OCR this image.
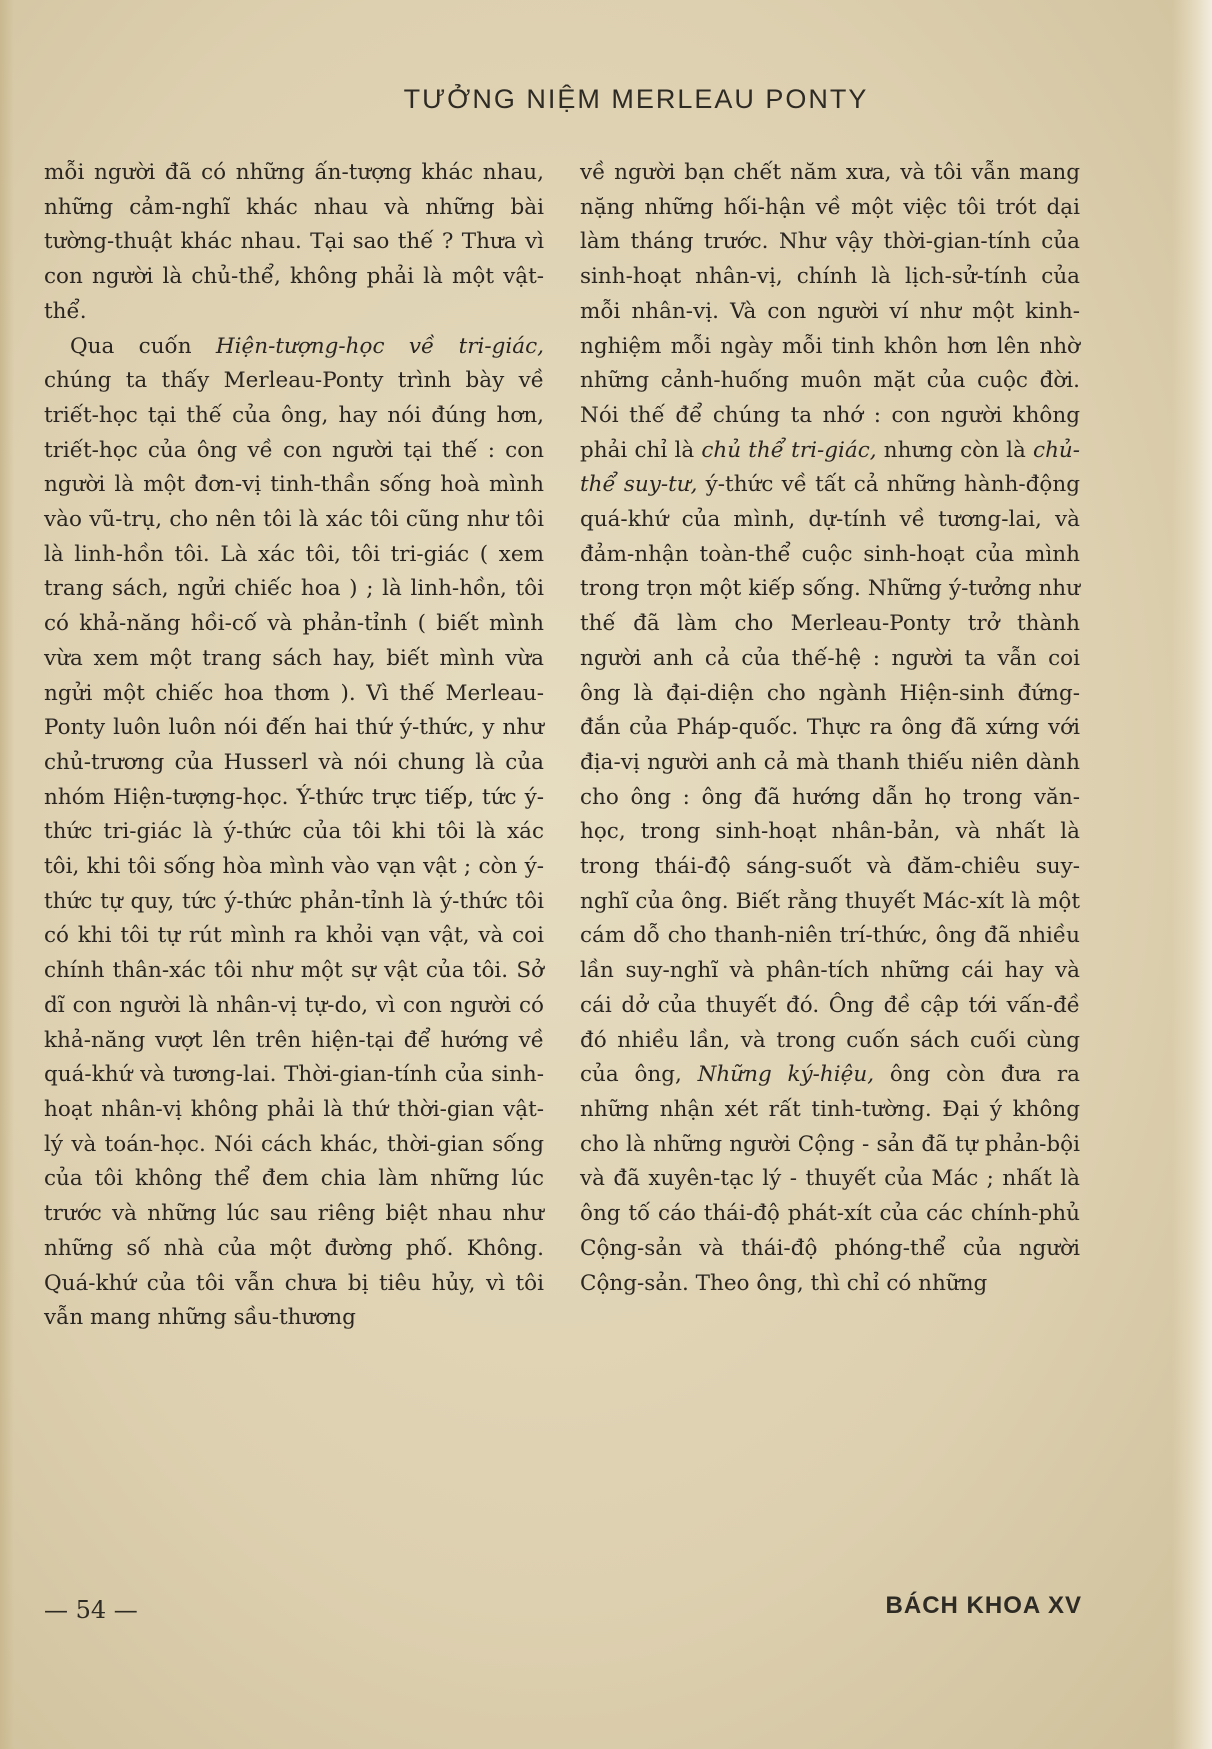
TƯỞNG NIỆM MERLEAU PONTY

mỗi người đã có những ấn-tượng khác nhau, những cảm-nghĩ khác nhau và những bài tường-thuật khác nhau. Tại sao thế ? Thưa vì con người là chủ-thể, không phải là một vật-thể.

Qua cuốn Hiện-tượng-học về tri-giác, chúng ta thấy Merleau-Ponty trình bày về triết-học tại thế của ông, hay nói đúng hơn, triết-học của ông về con người tại thế : con người là một đơn-vị tinh-thần sống hoà mình vào vũ-trụ, cho nên tôi là xác tôi cũng như tôi là linh-hồn tôi. Là xác tôi, tôi tri-giác ( xem trang sách, ngửi chiếc hoa ) ; là linh-hồn, tôi có khả-năng hồi-cố và phản-tỉnh ( biết mình vừa xem một trang sách hay, biết mình vừa ngửi một chiếc hoa thơm ). Vì thế Merleau-Ponty luôn luôn nói đến hai thứ ý-thức, y như chủ-trương của Husserl và nói chung là của nhóm Hiện-tượng-học. Ý-thức trực tiếp, tức ý-thức tri-giác là ý-thức của tôi khi tôi là xác tôi, khi tôi sống hòa mình vào vạn vật ; còn ý-thức tự quy, tức ý-thức phản-tỉnh là ý-thức tôi có khi tôi tự rút mình ra khỏi vạn vật, và coi chính thân-xác tôi như một sự vật của tôi. Sở dĩ con người là nhân-vị tự-do, vì con người có khả-năng vượt lên trên hiện-tại để hướng về quá-khứ và tương-lai. Thời-gian-tính của sinh-hoạt nhân-vị không phải là thứ thời-gian vật-lý và toán-học. Nói cách khác, thời-gian sống của tôi không thể đem chia làm những lúc trước và những lúc sau riêng biệt nhau như những số nhà của một đường phố. Không. Quá-khứ của tôi vẫn chưa bị tiêu hủy, vì tôi vẫn mang những sầu-thương

về người bạn chết năm xưa, và tôi vẫn mang nặng những hối-hận về một việc tôi trót dại làm tháng trước. Như vậy thời-gian-tính của sinh-hoạt nhân-vị, chính là lịch-sử-tính của mỗi nhân-vị. Và con người ví như một kinh-nghiệm mỗi ngày mỗi tinh khôn hơn lên nhờ những cảnh-huống muôn mặt của cuộc đời. Nói thế để chúng ta nhớ : con người không phải chỉ là chủ thể tri-giác, nhưng còn là chủ-thể suy-tư, ý-thức về tất cả những hành-động quá-khứ của mình, dự-tính về tương-lai, và đảm-nhận toàn-thể cuộc sinh-hoạt của mình trong trọn một kiếp sống. Những ý-tưởng như thế đã làm cho Merleau-Ponty trở thành người anh cả của thế-hệ : người ta vẫn coi ông là đại-diện cho ngành Hiện-sinh đứng-đắn của Pháp-quốc. Thực ra ông đã xứng với địa-vị người anh cả mà thanh thiếu niên dành cho ông : ông đã hướng dẫn họ trong văn-học, trong sinh-hoạt nhân-bản, và nhất là trong thái-độ sáng-suốt và đăm-chiêu suy-nghĩ của ông. Biết rằng thuyết Mác-xít là một cám dỗ cho thanh-niên trí-thức, ông đã nhiều lần suy-nghĩ và phân-tích những cái hay và cái dở của thuyết đó. Ông đề cập tới vấn-đề đó nhiều lần, và trong cuốn sách cuối cùng của ông, Những ký-hiệu, ông còn đưa ra những nhận xét rất tinh-tường. Đại ý không cho là những người Cộng - sản đã tự phản-bội và đã xuyên-tạc lý - thuyết của Mác ; nhất là ông tố cáo thái-độ phát-xít của các chính-phủ Cộng-sản và thái-độ phóng-thể của người Cộng-sản. Theo ông, thì chỉ có những

— 54 —	BÁCH KHOA XV
